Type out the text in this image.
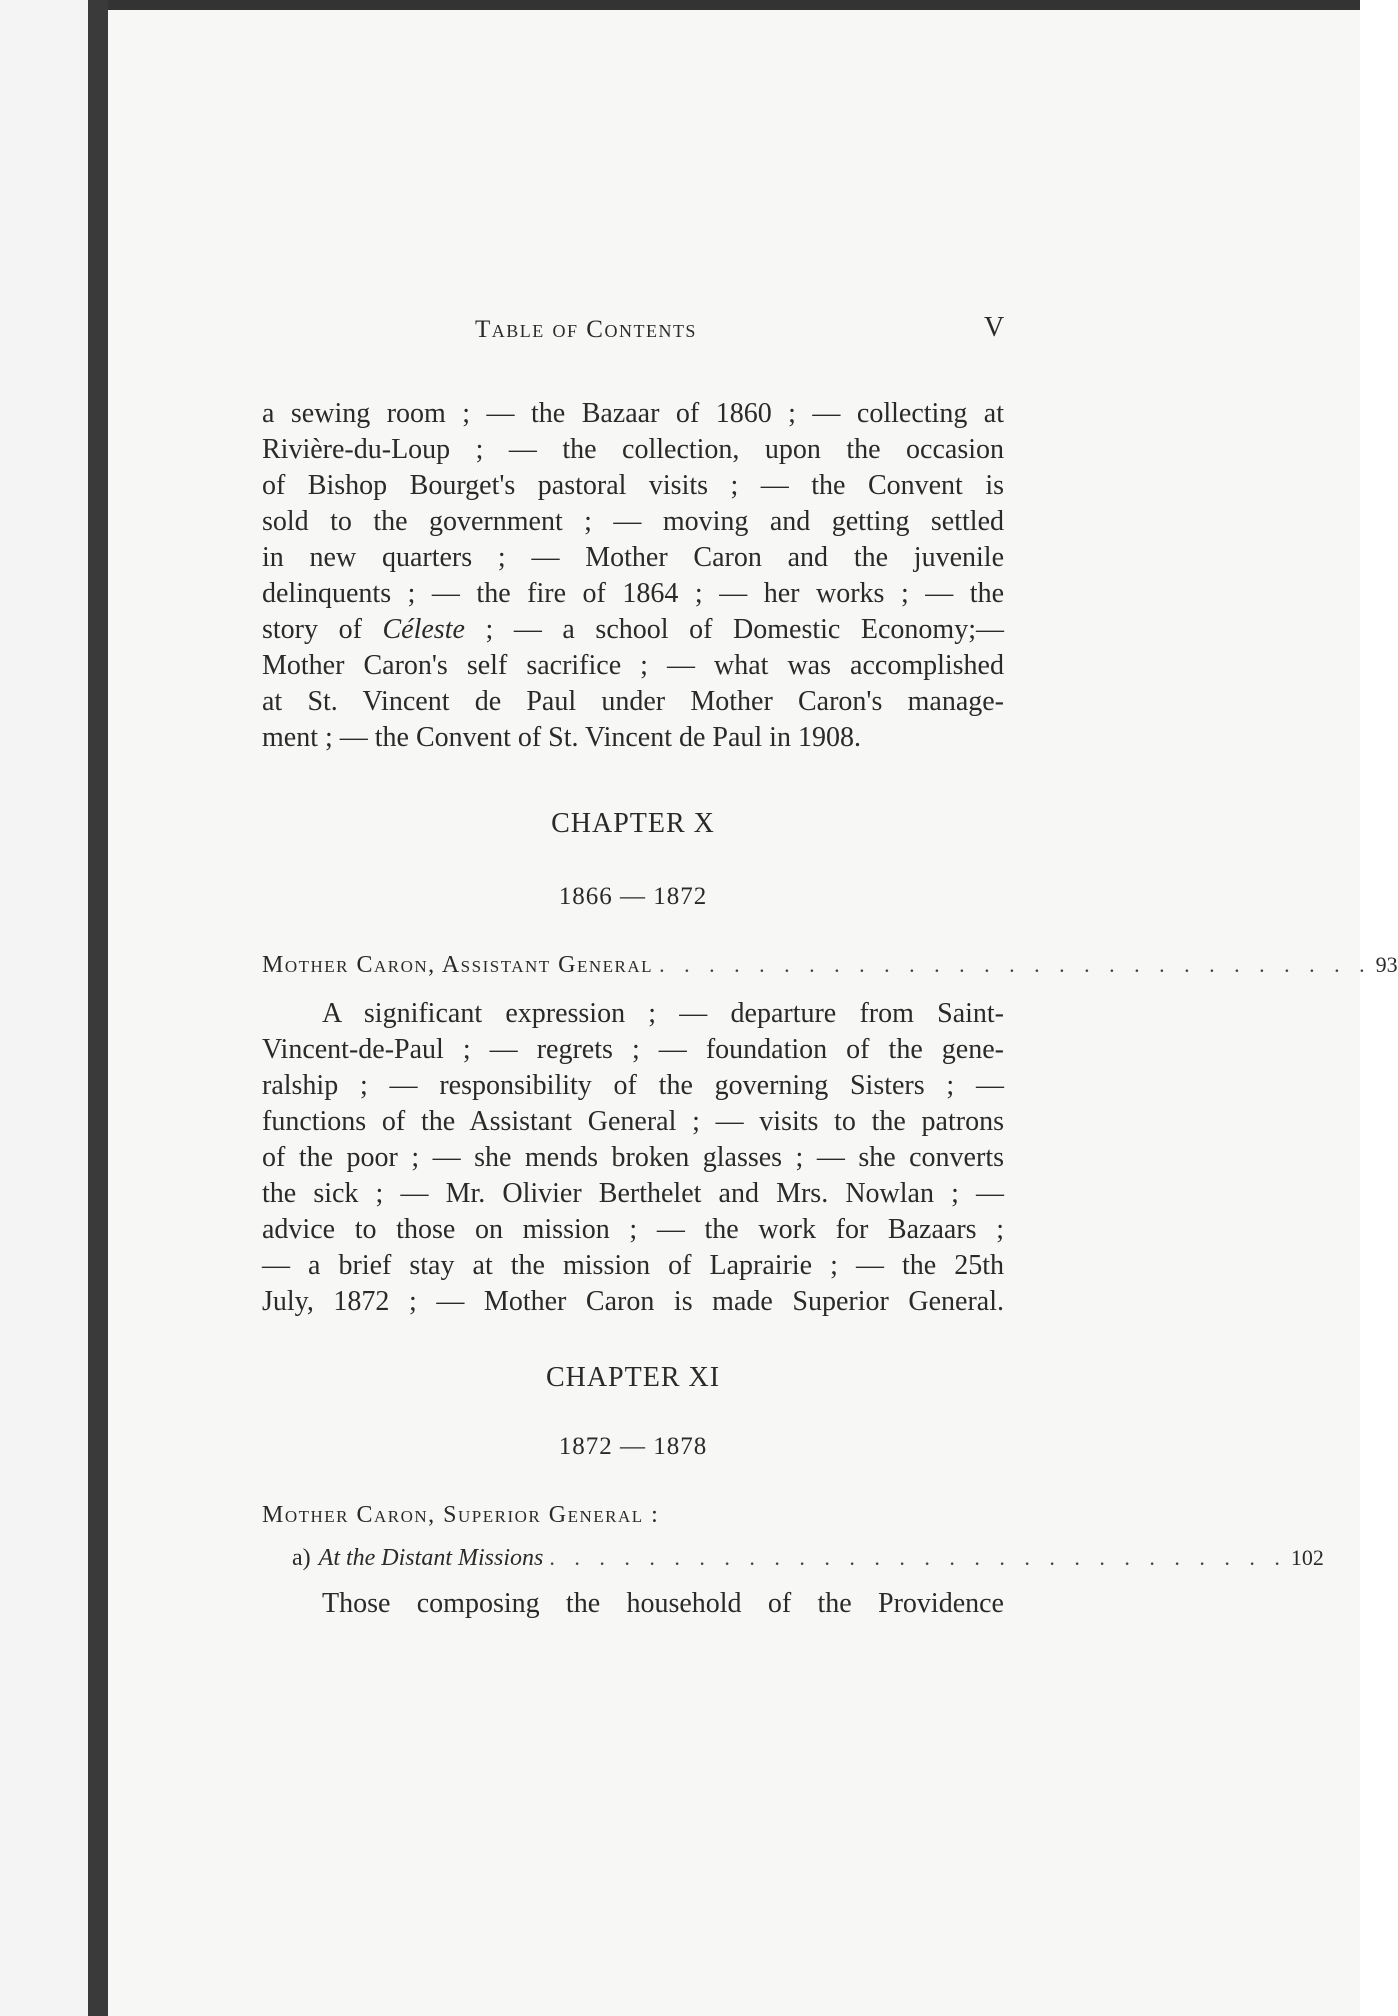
Table of Contents	V
a sewing room ; — the Bazaar of 1860 ; — collecting at
Rivière-du-Loup ; — the collection, upon the occasion
of Bishop Bourget's pastoral visits ; — the Convent is
sold to the government ; — moving and getting settled
in new quarters ; — Mother Caron and the juvenile
delinquents ; — the fire of 1864 ; — her works ; — the
story of Céleste ; — a school of Domestic Economy;—
Mother Caron's self sacrifice ; — what was accomplished
at St. Vincent de Paul under Mother Caron's manage-
ment ; — the Convent of St. Vincent de Paul in 1908.
CHAPTER X
1866 — 1872
Mother Caron, Assistant General . . . . . . . . . . . . . . . . . . . . . . . . . . . . . 93
A significant expression ; — departure from Saint-
Vincent-de-Paul ; — regrets ; — foundation of the gene-
ralship ; — responsibility of the governing Sisters ; —
functions of the Assistant General ; — visits to the patrons
of the poor ; — she mends broken glasses ; — she converts
the sick ; — Mr. Olivier Berthelet and Mrs. Nowlan ; —
advice to those on mission ; — the work for Bazaars ;
— a brief stay at the mission of Laprairie ; — the 25th
July, 1872 ; — Mother Caron is made Superior General.
CHAPTER XI
1872 — 1878
Mother Caron, Superior General :
a) At the Distant Missions . . . . . . . . . . . . . . . . . . . . . . . . . . . . . . 102
Those composing the household of the Providence
